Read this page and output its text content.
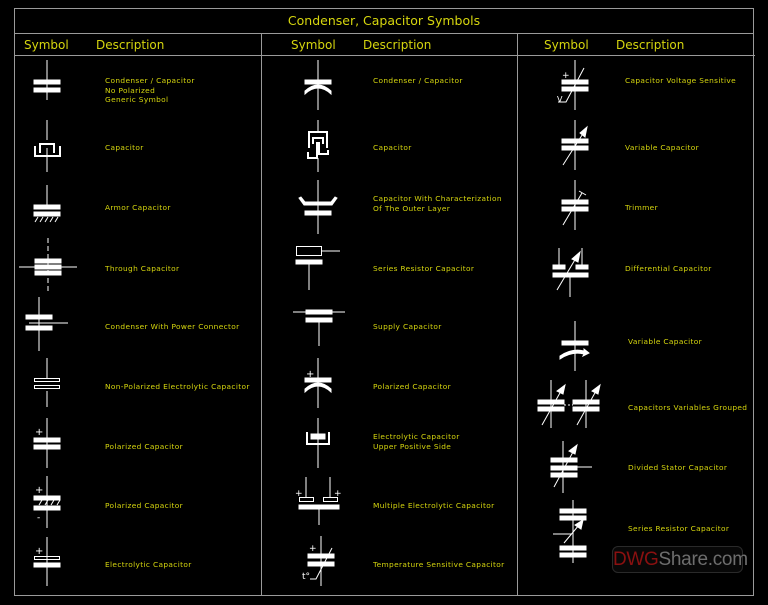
Condenser, Capacitor Symbols
Symbol Description	Symbol Description	Symbol Description
Condenser / Capacitor
No Polarized
Generic Symbol
Capacitor
Armor Capacitor
Through Capacitor
Condenser With Power Connector
Non-Polarized Electrolytic Capacitor
+
Polarized Capacitor
+
-
Polarized Capacitor
+
Electrolytic Capacitor
Condenser / Capacitor
Capacitor
Capacitor With Characterization
Of The Outer Layer
Series Resistor Capacitor
Supply Capacitor
+
Polarized Capacitor
Electrolytic Capacitor
Upper Positive Side
+	+
Multiple Electrolytic Capacitor
+
t°
Temperature Sensitive Capacitor
+
V
Capacitor Voltage Sensitive
Variable Capacitor
Trimmer
Differential Capacitor
Variable Capacitor
Capacitors Variables Grouped
Divided Stator Capacitor
Series Resistor Capacitor
DWGShare.com
